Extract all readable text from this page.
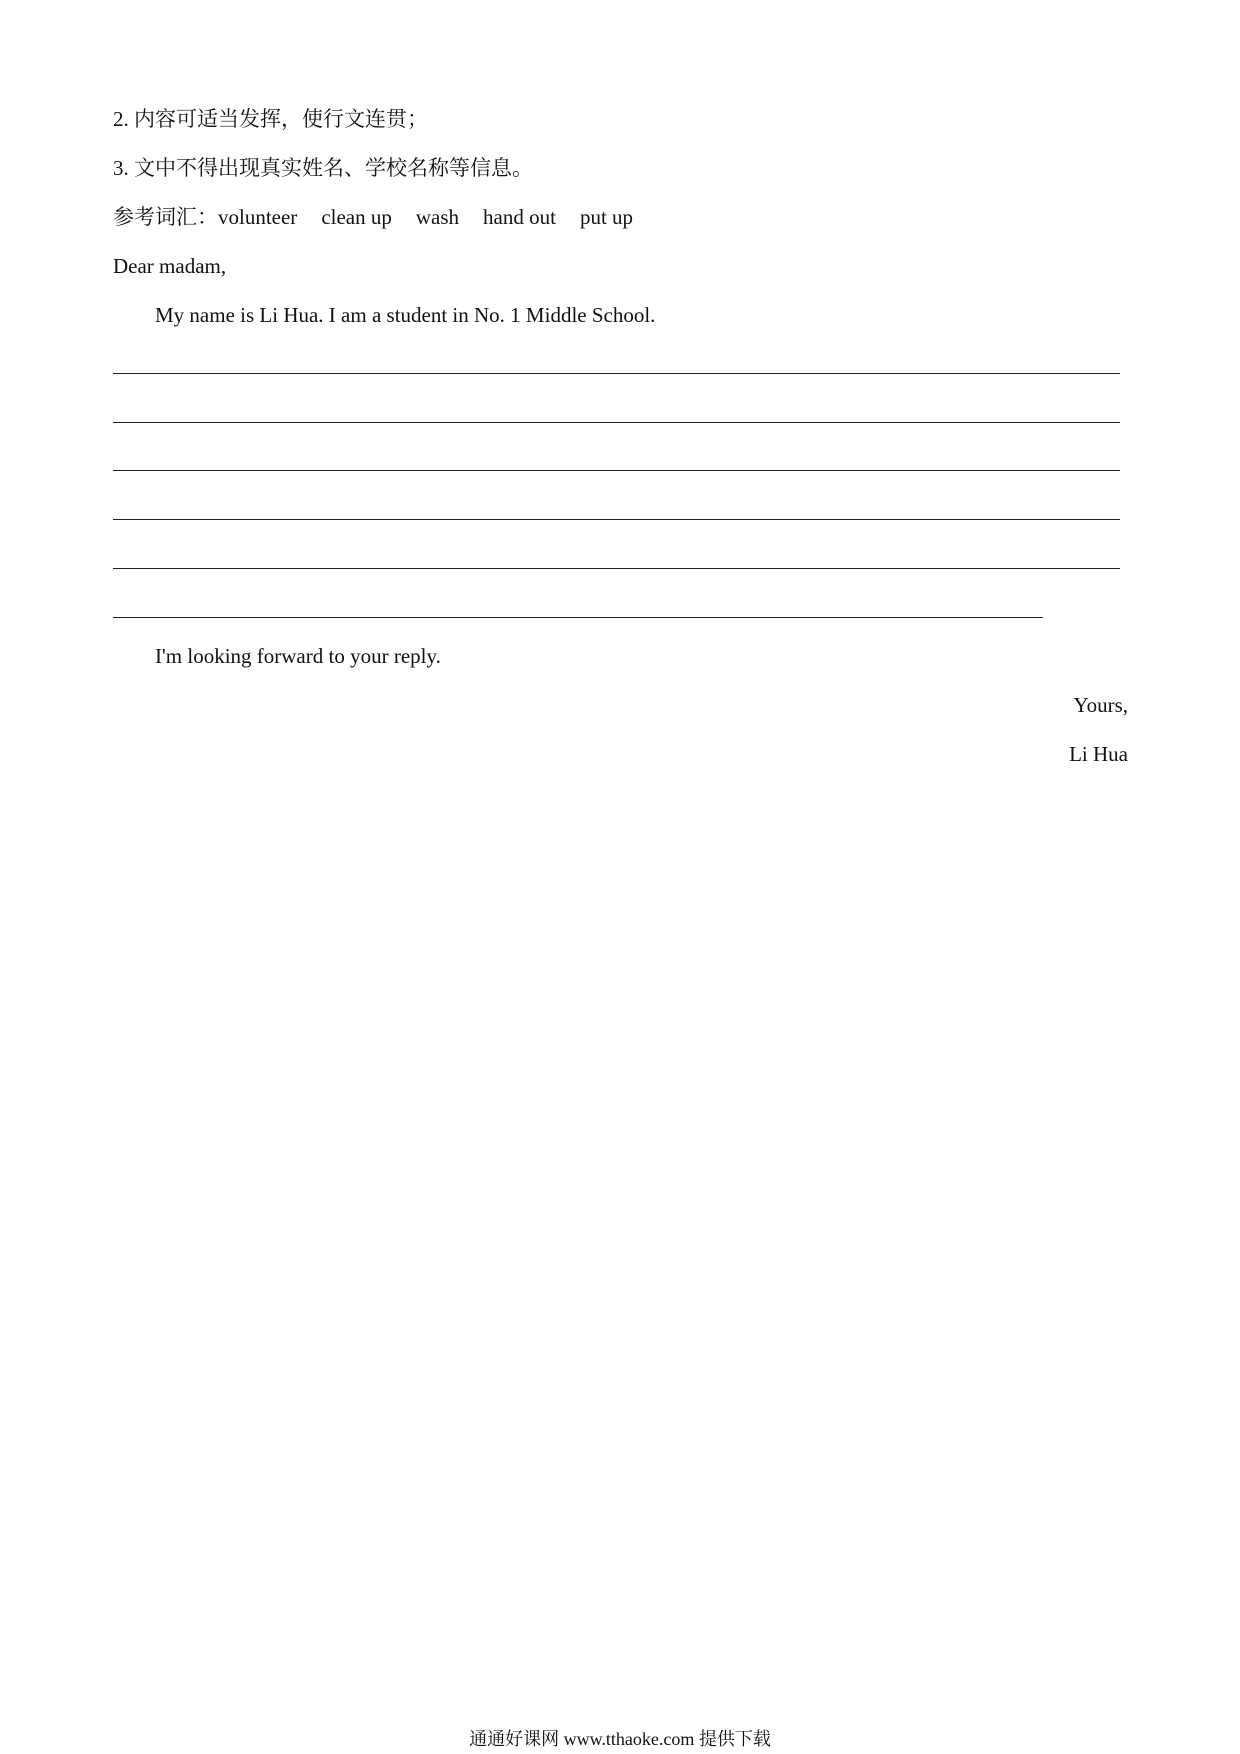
2. 内容可适当发挥，使行文连贯；
3. 文中不得出现真实姓名、学校名称等信息。
参考词汇：volunteer clean up wash hand out put up
Dear madam,
My name is Li Hua. I am a student in No. 1 Middle School.
I'm looking forward to your reply.
Yours,
Li Hua
通通好课网 www.tthaoke.com 提供下载
